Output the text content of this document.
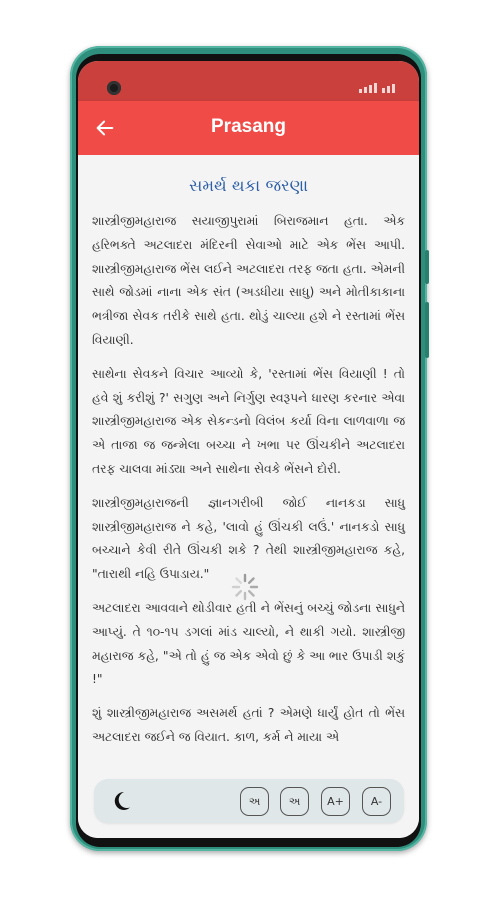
Prasang
સમર્થ થકા જરણા

શાસ્ત્રીજીમહારાજ સયાજીપુરામાં બિરાજમાન હતા. એક હરિભક્તે અટલાદરા મંદિરની સેવાઓ માટે એક ભેંસ આપી. શાસ્ત્રીજીમહારાજ ભેંસ લઈને અટલાદરા તરફ જતા હતા. એમની સાથે જોડમાં નાના એક સંત (અડધીયા સાધુ) અને મોતીકાકાના ભત્રીજા સેવક તરીકે સાથે હતા. થોડું ચાલ્યા હશે ને રસ્તામાં ભેંસ વિયાણી.

સાથેના સેવકને વિચાર આવ્યો કે, 'રસ્તામાં ભેંસ વિયાણી ! તો હવે શું કરીશું ?' સગુણ અને નિર્ગુણ સ્વરૂપને ધારણ કરનાર એવા શાસ્ત્રીજીમહારાજ એક સેકન્ડનો વિલંબ કર્યા વિના લાળવાળા જ એ તાજા જ જન્મેલા બચ્ચા ને ખભા પર ઊંચકીને અટલાદરા તરફ ચાલવા માંડ્યા અને સાથેના સેવકે ભેંસને દોરી.

શાસ્ત્રીજીમહારાજની જ્ઞાનગરીબી જોઈ નાનકડા સાધુ શાસ્ત્રીજીમહારાજ ને કહે, 'લાવો હું ઊંચકી લઉં.' નાનકડો સાધુ બચ્ચાને કેવી રીતે ઊંચકી શકે ? તેથી શાસ્ત્રીજીમહારાજ કહે, "તારાથી નહિ ઉપાડાય."

અટલાદરા આવવાને થોડીવાર હતી ને ભેંસનું બચ્ચું જોડના સાધુને આપ્યું. તે ૧૦-૧૫ ડગલાં માંડ ચાલ્યો, ને થાકી ગયો. શાસ્ત્રીજી મહારાજ કહે, "એ તો હું જ એક એવો છું કે આ ભાર ઉપાડી શકું !"

શું શાસ્ત્રીજીમહારાજ અસમર્થ હતાં ? એમણે ધાર્યું હોત તો ભેંસ અટલાદરા જઈને જ વિયાત. કાળ, કર્મ ને માયા એ

અ	અ	A+	A-
